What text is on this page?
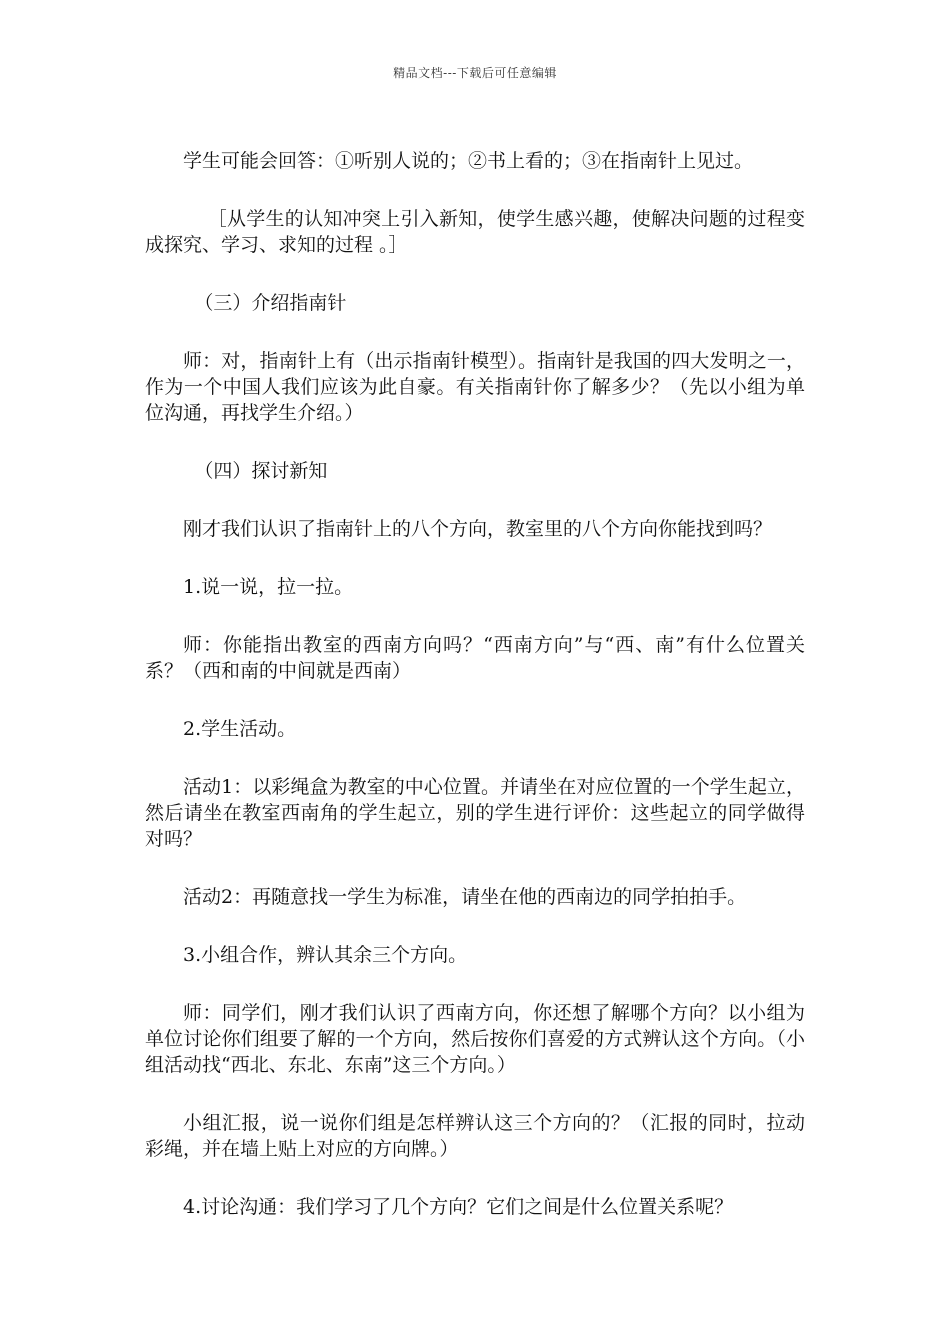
精品文档---下载后可任意编辑

学生可能会回答：①听别人说的；②书上看的；③在指南针上见过。

［从学生的认知冲突上引入新知，使学生感兴趣，使解决问题的过程变成探究、学习、求知的过程 。］

（三）介绍指南针

师：对，指南针上有（出示指南针模型）。指南针是我国的四大发明之一，作为一个中国人我们应该为此自豪。有关指南针你了解多少？（先以小组为单位沟通，再找学生介绍。）

（四）探讨新知

刚才我们认识了指南针上的八个方向，教室里的八个方向你能找到吗？

1.说一说，拉一拉。

师：你能指出教室的西南方向吗？“西南方向”与“西、南”有什么位置关系？（西和南的中间就是西南）

2.学生活动。

活动1：以彩绳盒为教室的中心位置。并请坐在对应位置的一个学生起立，然后请坐在教室西南角的学生起立，别的学生进行评价：这些起立的同学做得对吗？

活动2：再随意找一学生为标准，请坐在他的西南边的同学拍拍手。

3.小组合作，辨认其余三个方向。

师：同学们，刚才我们认识了西南方向，你还想了解哪个方向？以小组为单位讨论你们组要了解的一个方向，然后按你们喜爱的方式辨认这个方向。（小组活动找“西北、东北、东南”这三个方向。）

小组汇报，说一说你们组是怎样辨认这三个方向的？（汇报的同时，拉动彩绳，并在墙上贴上对应的方向牌。）

4.讨论沟通：我们学习了几个方向？它们之间是什么位置关系呢？
